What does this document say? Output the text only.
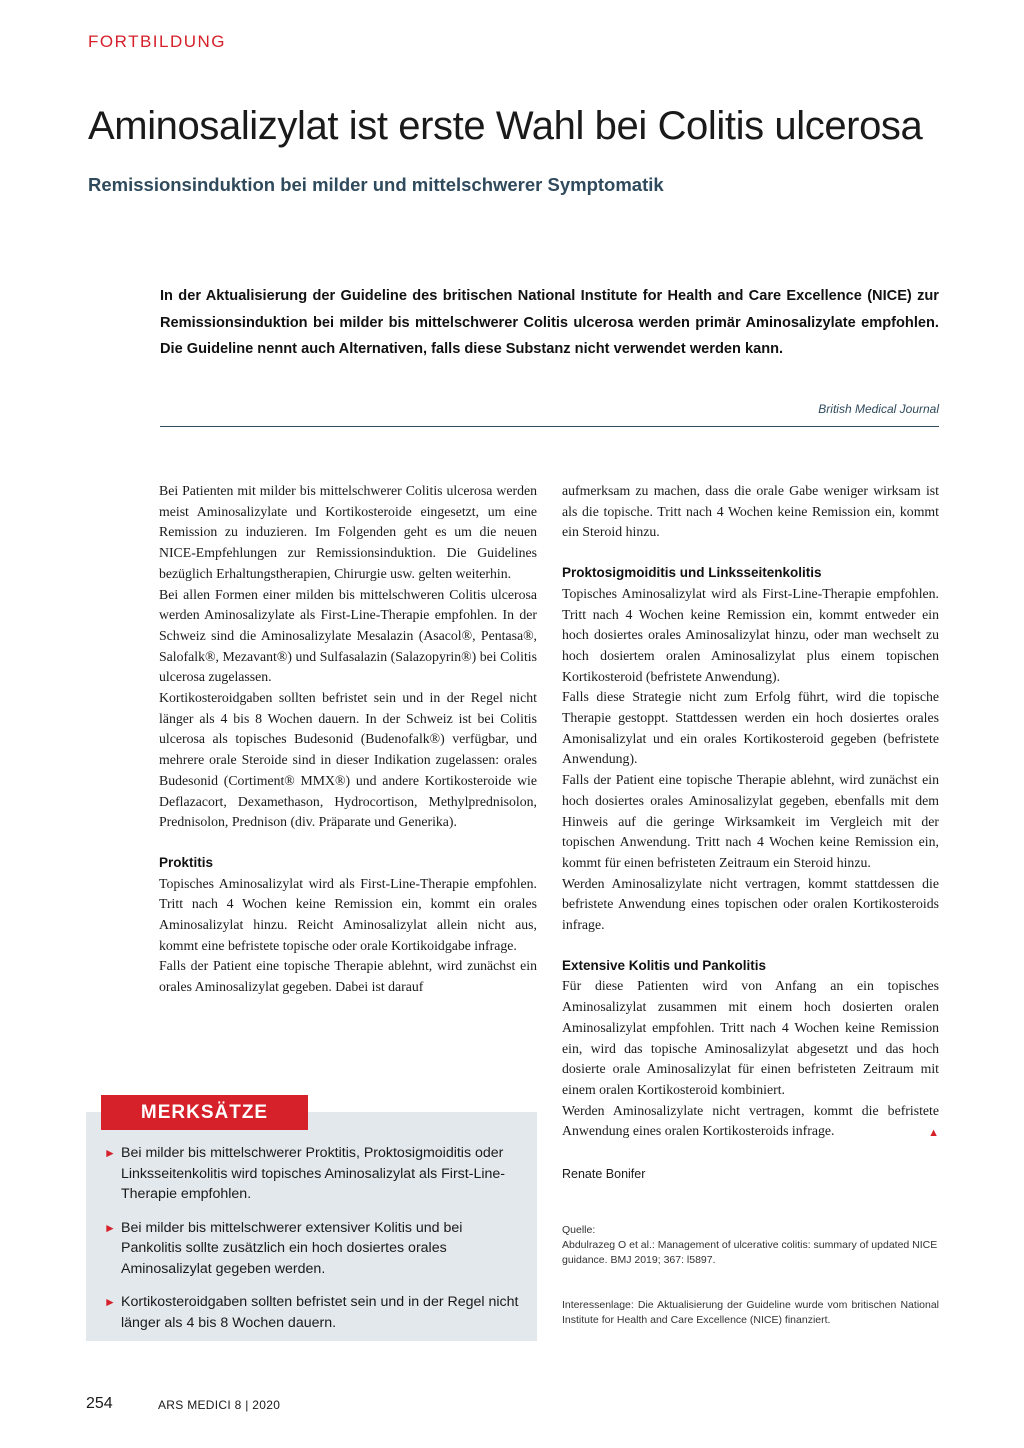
FORTBILDUNG
Aminosalizylat ist erste Wahl bei Colitis ulcerosa
Remissionsinduktion bei milder und mittelschwerer Symptomatik
In der Aktualisierung der Guideline des britischen National Institute for Health and Care Excellence (NICE) zur Remissionsinduktion bei milder bis mittelschwerer Colitis ulcerosa werden primär Aminosalizylate empfohlen. Die Guideline nennt auch Alternativen, falls diese Substanz nicht verwendet werden kann.
British Medical Journal

Bei Patienten mit milder bis mittelschwerer Colitis ulcerosa werden meist Aminosalizylate und Kortikosteroide eingesetzt, um eine Remission zu induzieren. Im Folgenden geht es um die neuen NICE-Empfehlungen zur Remissionsinduktion. Die Guidelines bezüglich Erhaltungstherapien, Chirurgie usw. gelten weiterhin.

Bei allen Formen einer milden bis mittelschweren Colitis ulcerosa werden Aminosalizylate als First-Line-Therapie empfohlen. In der Schweiz sind die Aminosalizylate Mesalazin (Asacol®, Pentasa®, Salofalk®, Mezavant®) und Sulfasalazin (Salazopyrin®) bei Colitis ulcerosa zugelassen.

Kortikosteroidgaben sollten befristet sein und in der Regel nicht länger als 4 bis 8 Wochen dauern. In der Schweiz ist bei Colitis ulcerosa als topisches Budesonid (Budenofalk®) verfügbar, und mehrere orale Steroide sind in dieser Indikation zugelassen: orales Budesonid (Cortiment® MMX®) und andere Kortikosteroide wie Deflazacort, Dexamethason, Hydrocortison, Methylprednisolon, Prednisolon, Prednison (div. Präparate und Generika).

Proktitis

Topisches Aminosalizylat wird als First-Line-Therapie empfohlen. Tritt nach 4 Wochen keine Remission ein, kommt ein orales Aminosalizylat hinzu. Reicht Aminosalizylat allein nicht aus, kommt eine befristete topische oder orale Kortikoidgabe infrage.

Falls der Patient eine topische Therapie ablehnt, wird zunächst ein orales Aminosalizylat gegeben. Dabei ist darauf

aufmerksam zu machen, dass die orale Gabe weniger wirksam ist als die topische. Tritt nach 4 Wochen keine Remission ein, kommt ein Steroid hinzu.

Proktosigmoiditis und Linksseitenkolitis

Topisches Aminosalizylat wird als First-Line-Therapie empfohlen. Tritt nach 4 Wochen keine Remission ein, kommt entweder ein hoch dosiertes orales Aminosalizylat hinzu, oder man wechselt zu hoch dosiertem oralen Aminosalizylat plus einem topischen Kortikosteroid (befristete Anwendung).

Falls diese Strategie nicht zum Erfolg führt, wird die topische Therapie gestoppt. Stattdessen werden ein hoch dosiertes orales Amonisalizylat und ein orales Kortikosteroid gegeben (befristete Anwendung).

Falls der Patient eine topische Therapie ablehnt, wird zunächst ein hoch dosiertes orales Aminosalizylat gegeben, ebenfalls mit dem Hinweis auf die geringe Wirksamkeit im Vergleich mit der topischen Anwendung. Tritt nach 4 Wochen keine Remission ein, kommt für einen befristeten Zeitraum ein Steroid hinzu.

Werden Aminosalizylate nicht vertragen, kommt stattdessen die befristete Anwendung eines topischen oder oralen Kortikosteroids infrage.

Extensive Kolitis und Pankolitis

Für diese Patienten wird von Anfang an ein topisches Aminosalizylat zusammen mit einem hoch dosierten oralen Aminosalizylat empfohlen. Tritt nach 4 Wochen keine Remission ein, wird das topische Aminosalizylat abgesetzt und das hoch dosierte orale Aminosalizylat für einen befristeten Zeitraum mit einem oralen Kortikosteroid kombiniert.

Werden Aminosalizylate nicht vertragen, kommt die befristete Anwendung eines oralen Kortikosteroids infrage.	▲

Renate Bonifer
Quelle:
Abdulrazeg O et al.: Management of ulcerative colitis: summary of updated NICE guidance. BMJ 2019; 367: l5897.
Interessenlage: Die Aktualisierung der Guideline wurde vom britischen National Institute for Health and Care Excellence (NICE) finanziert.
MERKSÄTZE
► Bei milder bis mittelschwerer Proktitis, Proktosigmoiditis oder Linksseitenkolitis wird topisches Aminosalizylat als First-Line-Therapie empfohlen.
► Bei milder bis mittelschwerer extensiver Kolitis und bei Pankolitis sollte zusätzlich ein hoch dosiertes orales Aminosalizylat gegeben werden.
► Kortikosteroidgaben sollten befristet sein und in der Regel nicht länger als 4 bis 8 Wochen dauern.
254	ARS MEDICI 8 | 2020
